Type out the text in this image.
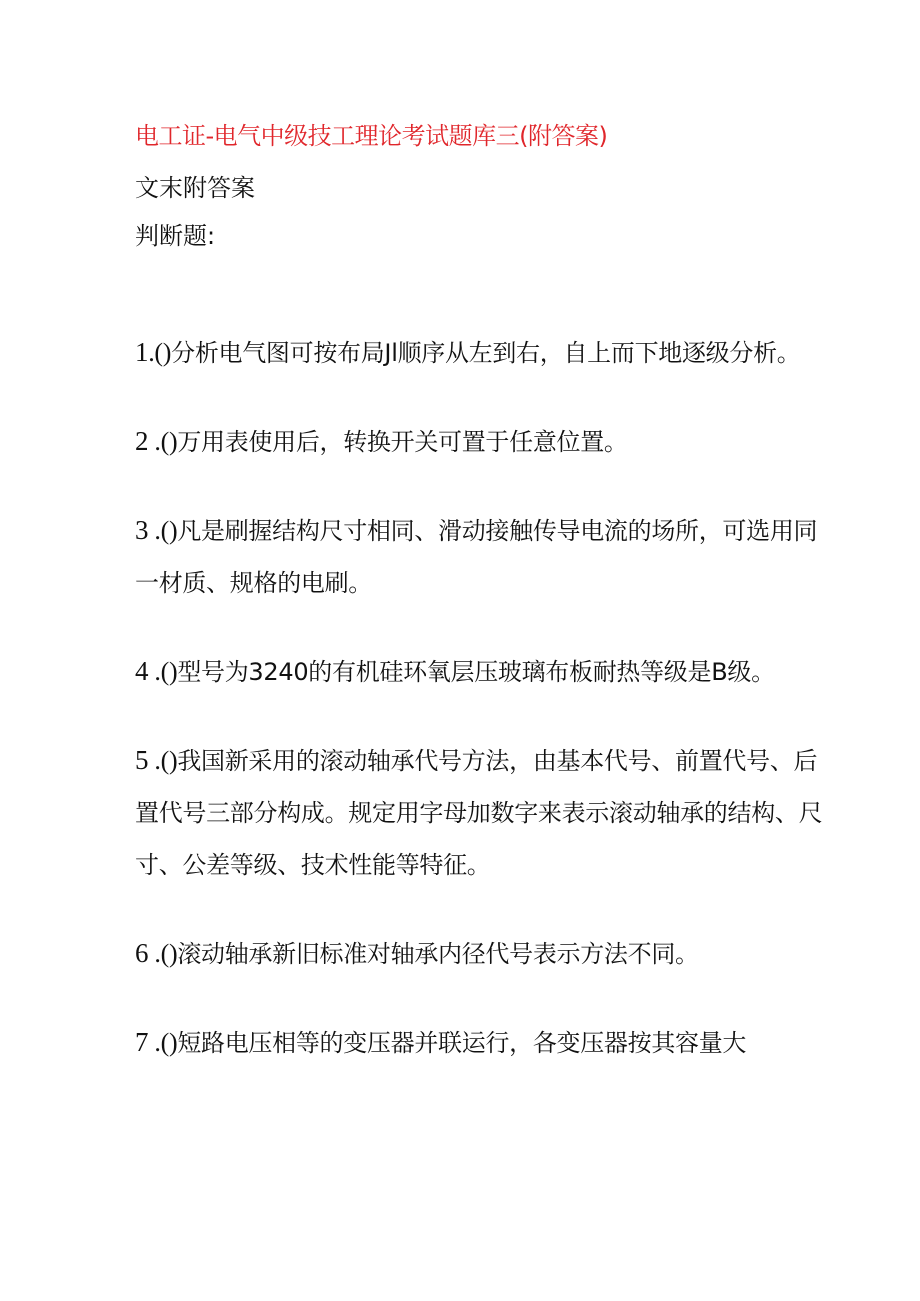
电工证-电气中级技工理论考试题库三(附答案)
文末附答案
判断题:
1.()分析电气图可按布局Jl顺序从左到右，自上而下地逐级分析。
2 .()万用表使用后，转换开关可置于任意位置。
3 .()凡是刷握结构尺寸相同、滑动接触传导电流的场所，可选用同一材质、规格的电刷。
4 .()型号为3240的有机硅环氧层压玻璃布板耐热等级是B级。
5 .()我国新采用的滚动轴承代号方法，由基本代号、前置代号、后置代号三部分构成。规定用字母加数字来表示滚动轴承的结构、尺寸、公差等级、技术性能等特征。
6 .()滚动轴承新旧标准对轴承内径代号表示方法不同。
7 .()短路电压相等的变压器并联运行，各变压器按其容量大
